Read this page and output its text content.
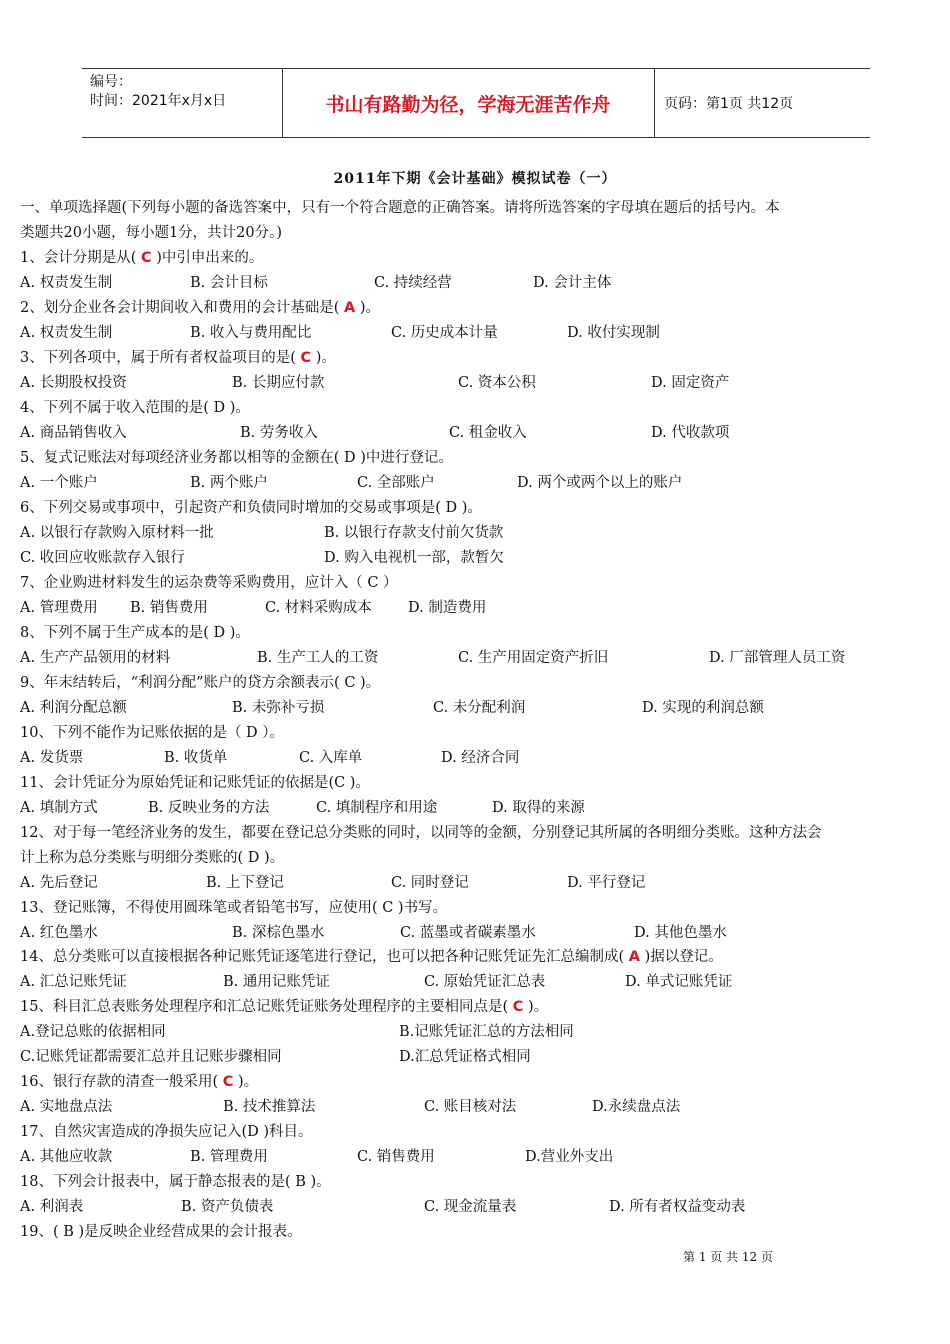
编号：
时间：2021年x月x日	书山有路勤为径，学海无涯苦作舟	页码：第1页 共12页
2011年下期《会计基础》模拟试卷（一）
一、单项选择题(下列每小题的备选答案中，只有一个符合题意的正确答案。请将所选答案的字母填在题后的括号内。本
类题共20小题，每小题1分，共计20分。)
1、会计分期是从( C )中引申出来的。
A. 权责发生制	B. 会计目标	C. 持续经营	D. 会计主体
2、划分企业各会计期间收入和费用的会计基础是( A )。
A. 权责发生制	B. 收入与费用配比	C. 历史成本计量	D. 收付实现制
3、下列各项中，属于所有者权益项目的是( C )。
A. 长期股权投资	B. 长期应付款	C. 资本公积	D. 固定资产
4、下列不属于收入范围的是( D )。
A. 商品销售收入	B. 劳务收入	C. 租金收入	D. 代收款项
5、复式记账法对每项经济业务都以相等的金额在( D )中进行登记。
A. 一个账户	B. 两个账户	C. 全部账户	D. 两个或两个以上的账户
6、下列交易或事项中，引起资产和负债同时增加的交易或事项是( D )。
A. 以银行存款购入原材料一批	B. 以银行存款支付前欠货款
C. 收回应收账款存入银行	D. 购入电视机一部，款暂欠
7、企业购进材料发生的运杂费等采购费用，应计入（ C ）
A. 管理费用 B. 销售费用	C. 材料采购成本 D. 制造费用
8、下列不属于生产成本的是( D )。
A. 生产产品领用的材料	B. 生产工人的工资	C. 生产用固定资产折旧	D. 厂部管理人员工资
9、年末结转后，“利润分配”账户的贷方余额表示( C )。
A. 利润分配总额	B. 未弥补亏损	C. 未分配利润	D. 实现的利润总额
10、下列不能作为记账依据的是（ D ）。
A. 发货票	B. 收货单	C. 入库单	D. 经济合同
11、会计凭证分为原始凭证和记账凭证的依据是(C )。
A. 填制方式	B. 反映业务的方法	C. 填制程序和用途	D. 取得的来源
12、对于每一笔经济业务的发生，都要在登记总分类账的同时，以同等的金额，分别登记其所属的各明细分类账。这种方法会
计上称为总分类账与明细分类账的( D )。
A. 先后登记	B. 上下登记	C. 同时登记	D. 平行登记
13、登记账簿，不得使用圆珠笔或者铅笔书写，应使用( C )书写。
A. 红色墨水	B. 深棕色墨水	C. 蓝墨或者碳素墨水	D. 其他色墨水
14、总分类账可以直接根据各种记账凭证逐笔进行登记，也可以把各种记账凭证先汇总编制成( A )据以登记。
A. 汇总记账凭证	B. 通用记账凭证	C. 原始凭证汇总表	D. 单式记账凭证
15、科目汇总表账务处理程序和汇总记账凭证账务处理程序的主要相同点是( C )。
A.登记总账的依据相同	B.记账凭证汇总的方法相同
C.记账凭证都需要汇总并且记账步骤相同	D.汇总凭证格式相同
16、银行存款的清查一般采用( C )。
A. 实地盘点法	B. 技术推算法	C. 账目核对法	D.永续盘点法
17、自然灾害造成的净损失应记入(D )科目。
A. 其他应收款	B. 管理费用	C. 销售费用	D.营业外支出
18、下列会计报表中，属于静态报表的是( B )。
A. 利润表	B. 资产负债表	C. 现金流量表	D. 所有者权益变动表
19、( B )是反映企业经营成果的会计报表。
第 1 页 共 12 页
